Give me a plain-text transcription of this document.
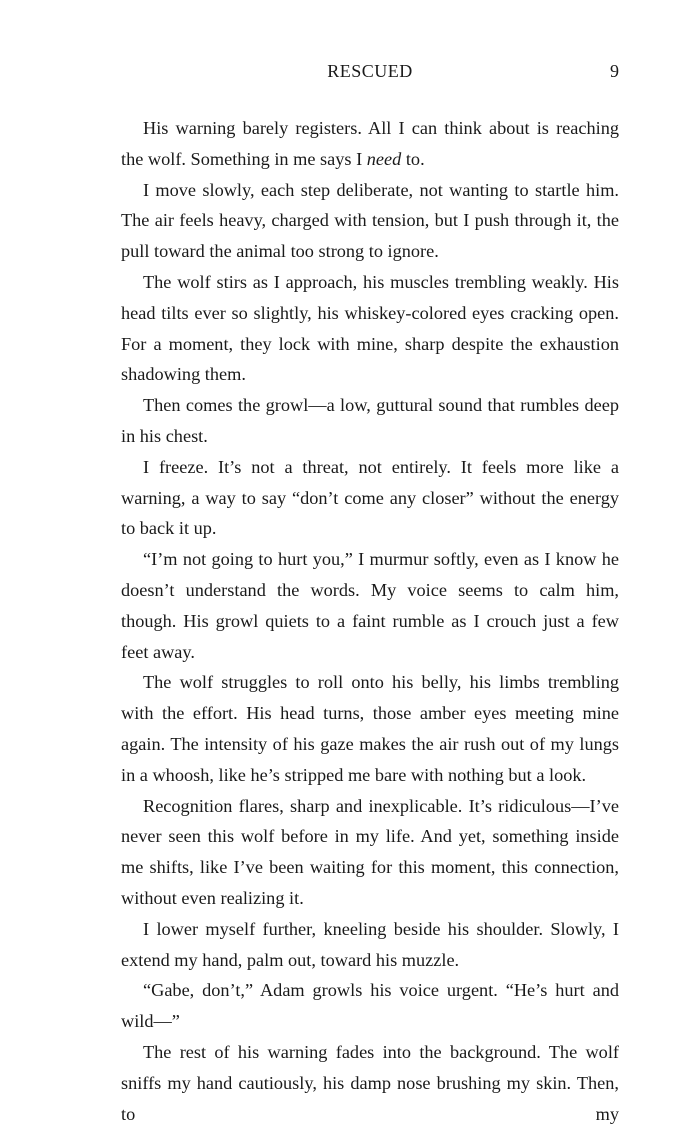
RESCUED	9

His warning barely registers. All I can think about is reaching the wolf. Something in me says I need to.

I move slowly, each step deliberate, not wanting to startle him. The air feels heavy, charged with tension, but I push through it, the pull toward the animal too strong to ignore.

The wolf stirs as I approach, his muscles trembling weakly. His head tilts ever so slightly, his whiskey-colored eyes cracking open. For a moment, they lock with mine, sharp despite the exhaustion shadowing them.

Then comes the growl—a low, guttural sound that rumbles deep in his chest.

I freeze. It’s not a threat, not entirely. It feels more like a warning, a way to say “don’t come any closer” without the energy to back it up.

“I’m not going to hurt you,” I murmur softly, even as I know he doesn’t understand the words. My voice seems to calm him, though. His growl quiets to a faint rumble as I crouch just a few feet away.

The wolf struggles to roll onto his belly, his limbs trembling with the effort. His head turns, those amber eyes meeting mine again. The intensity of his gaze makes the air rush out of my lungs in a whoosh, like he’s stripped me bare with nothing but a look.

Recognition flares, sharp and inexplicable. It’s ridiculous—I’ve never seen this wolf before in my life. And yet, something inside me shifts, like I’ve been waiting for this moment, this connection, without even realizing it.

I lower myself further, kneeling beside his shoulder. Slowly, I extend my hand, palm out, toward his muzzle.

“Gabe, don’t,” Adam growls his voice urgent. “He’s hurt and wild—”

The rest of his warning fades into the background. The wolf sniffs my hand cautiously, his damp nose brushing my skin. Then, to my
